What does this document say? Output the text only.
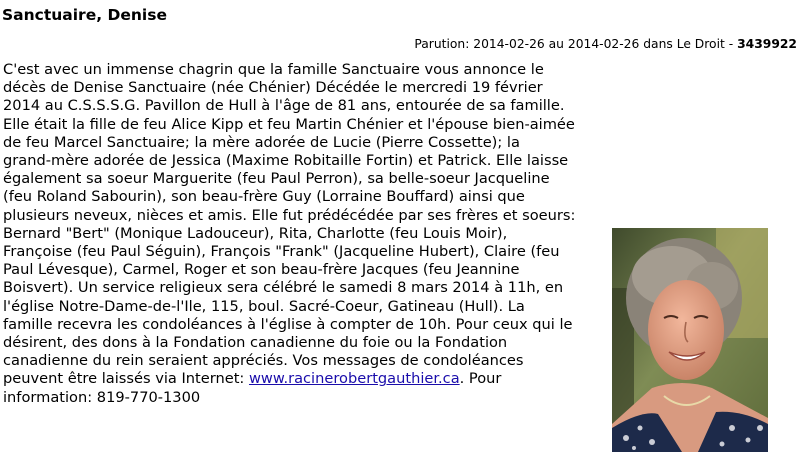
Sanctuaire, Denise
Parution: 2014-02-26 au 2014-02-26 dans Le Droit - 3439922
C'est avec un immense chagrin que la famille Sanctuaire vous annonce le
décès de Denise Sanctuaire (née Chénier) Décédée le mercredi 19 février
2014 au C.S.S.S.G. Pavillon de Hull à l'âge de 81 ans, entourée de sa famille.
Elle était la fille de feu Alice Kipp et feu Martin Chénier et l'épouse bien-aimée
de feu Marcel Sanctuaire; la mère adorée de Lucie (Pierre Cossette); la
grand-mère adorée de Jessica (Maxime Robitaille Fortin) et Patrick. Elle laisse
également sa soeur Marguerite (feu Paul Perron), sa belle-soeur Jacqueline
(feu Roland Sabourin), son beau-frère Guy (Lorraine Bouffard) ainsi que
plusieurs neveux, nièces et amis. Elle fut prédécédée par ses frères et soeurs:
Bernard "Bert" (Monique Ladouceur), Rita, Charlotte (feu Louis Moir),
Françoise (feu Paul Séguin), François "Frank" (Jacqueline Hubert), Claire (feu
Paul Lévesque), Carmel, Roger et son beau-frère Jacques (feu Jeannine
Boisvert). Un service religieux sera célébré le samedi 8 mars 2014 à 11h, en
l'église Notre-Dame-de-l'Ile, 115, boul. Sacré-Coeur, Gatineau (Hull). La
famille recevra les condoléances à l'église à compter de 10h. Pour ceux qui le
désirent, des dons à la Fondation canadienne du foie ou la Fondation
canadienne du rein seraient appréciés. Vos messages de condoléances
peuvent être laissés via Internet: www.racinerobertgauthier.ca. Pour
information: 819-770-1300
